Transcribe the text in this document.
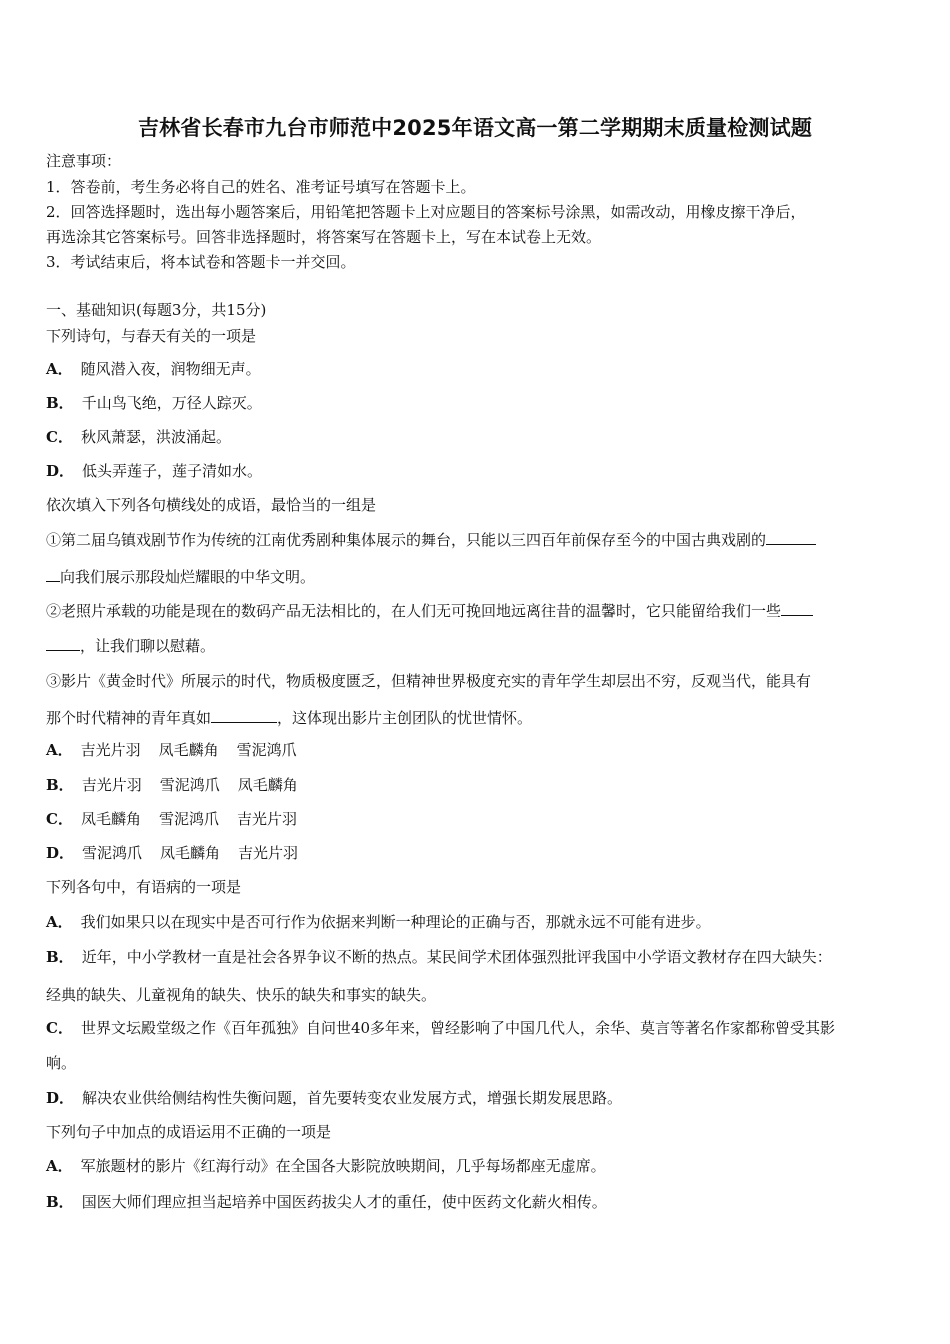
吉林省长春市九台市师范中2025年语文高一第二学期期末质量检测试题
注意事项：
1．答卷前，考生务必将自己的姓名、准考证号填写在答题卡上。
2．回答选择题时，选出每小题答案后，用铅笔把答题卡上对应题目的答案标号涂黑，如需改动，用橡皮擦干净后，
再选涂其它答案标号。回答非选择题时，将答案写在答题卡上，写在本试卷上无效。
3．考试结束后，将本试卷和答题卡一并交回。
一、基础知识(每题3分，共15分)
下列诗句，与春天有关的一项是
A． 随风潜入夜，润物细无声。
B． 千山鸟飞绝，万径人踪灭。
C． 秋风萧瑟，洪波涌起。
D． 低头弄莲子，莲子清如水。
依次填入下列各句横线处的成语，最恰当的一组是
①第二届乌镇戏剧节作为传统的江南优秀剧种集体展示的舞台，只能以三四百年前保存至今的中国古典戏剧的
向我们展示那段灿烂耀眼的中华文明。
②老照片承载的功能是现在的数码产品无法相比的，在人们无可挽回地远离往昔的温馨时，它只能留给我们一些
，让我们聊以慰藉。
③影片《黄金时代》所展示的时代，物质极度匮乏，但精神世界极度充实的青年学生却层出不穷，反观当代，能具有
那个时代精神的青年真如	，这体现出影片主创团队的忧世情怀。
A． 吉光片羽 凤毛麟角 雪泥鸿爪
B． 吉光片羽 雪泥鸿爪 凤毛麟角
C． 凤毛麟角 雪泥鸿爪 吉光片羽
D． 雪泥鸿爪 凤毛麟角 吉光片羽
下列各句中，有语病的一项是
A． 我们如果只以在现实中是否可行作为依据来判断一种理论的正确与否，那就永远不可能有进步。
B． 近年，中小学教材一直是社会各界争议不断的热点。某民间学术团体强烈批评我国中小学语文教材存在四大缺失：
经典的缺失、儿童视角的缺失、快乐的缺失和事实的缺失。
C． 世界文坛殿堂级之作《百年孤独》自问世40多年来，曾经影响了中国几代人，余华、莫言等著名作家都称曾受其影
响。
D． 解决农业供给侧结构性失衡问题，首先要转变农业发展方式，增强长期发展思路。
下列句子中加点的成语运用不正确的一项是
A． 军旅题材的影片《红海行动》在全国各大影院放映期间，几乎每场都座无虚席。
B． 国医大师们理应担当起培养中国医药拔尖人才的重任，使中医药文化薪火相传。
